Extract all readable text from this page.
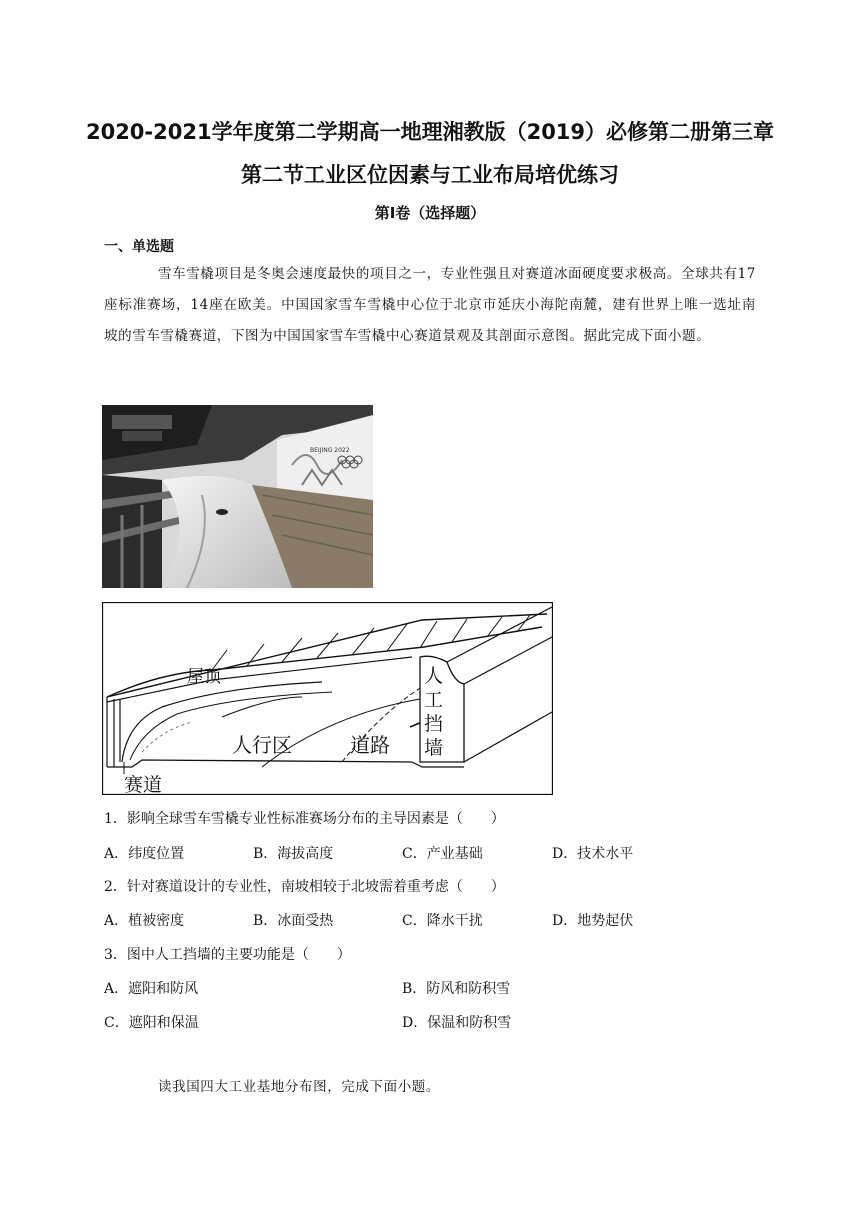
2020-2021学年度第二学期高一地理湘教版（2019）必修第二册第三章
第二节工业区位因素与工业布局培优练习
第Ⅰ卷（选择题）
一、单选题
雪车雪橇项目是冬奥会速度最快的项目之一，专业性强且对赛道冰面硬度要求极高。全球共有17座标准赛场，14座在欧美。中国国家雪车雪橇中心位于北京市延庆小海陀南麓，建有世界上唯一选址南坡的雪车雪橇赛道，下图为中国国家雪车雪橇中心赛道景观及其剖面示意图。据此完成下面小题。
BEIJING 2022
屋顶
人行区	道路
人
工
挡
墙
赛道
1．影响全球雪车雪橇专业性标准赛场分布的主导因素是（　　）
A．纬度位置	B．海拔高度	C．产业基础	D．技术水平
2．针对赛道设计的专业性，南坡相较于北坡需着重考虑（　　）
A．植被密度	B．冰面受热	C．降水干扰	D．地势起伏
3．图中人工挡墙的主要功能是（　　）
A．遮阳和防风	B．防风和防积雪
C．遮阳和保温	D．保温和防积雪
读我国四大工业基地分布图，完成下面小题。
